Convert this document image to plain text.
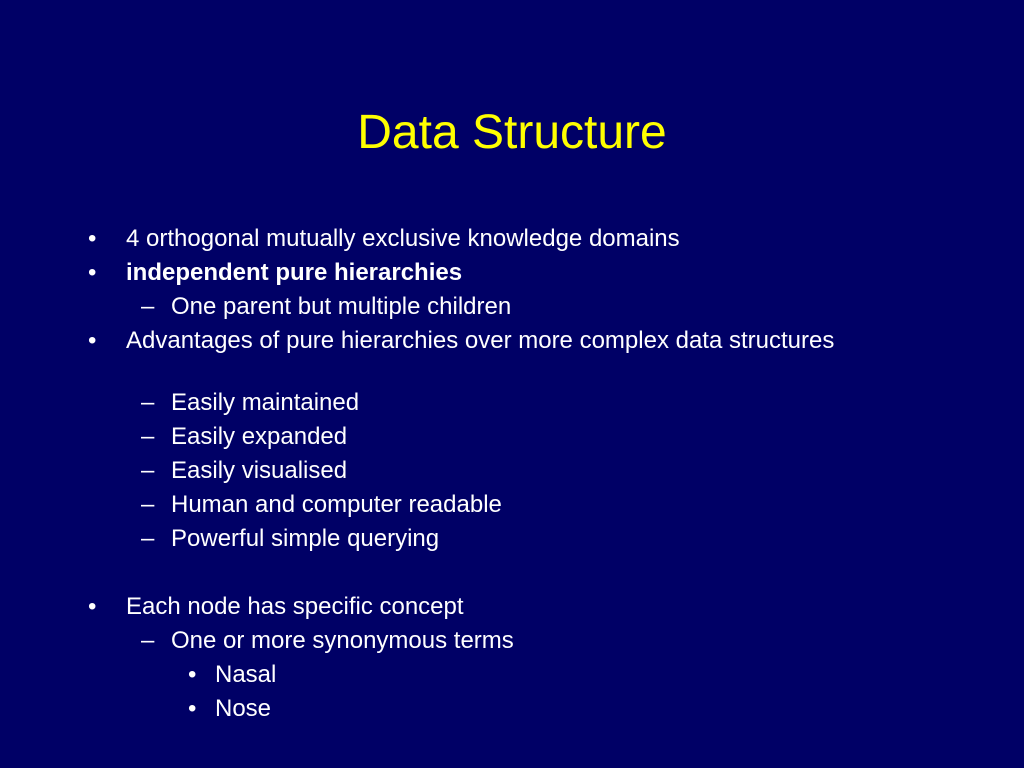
Data Structure
• 4 orthogonal mutually exclusive knowledge domains
• independent pure hierarchies
– One parent but multiple children
• Advantages of pure hierarchies over more complex data structures
– Easily maintained
– Easily expanded
– Easily visualised
– Human and computer readable
– Powerful simple querying
• Each node has specific concept
– One or more synonymous terms
• Nasal
• Nose
